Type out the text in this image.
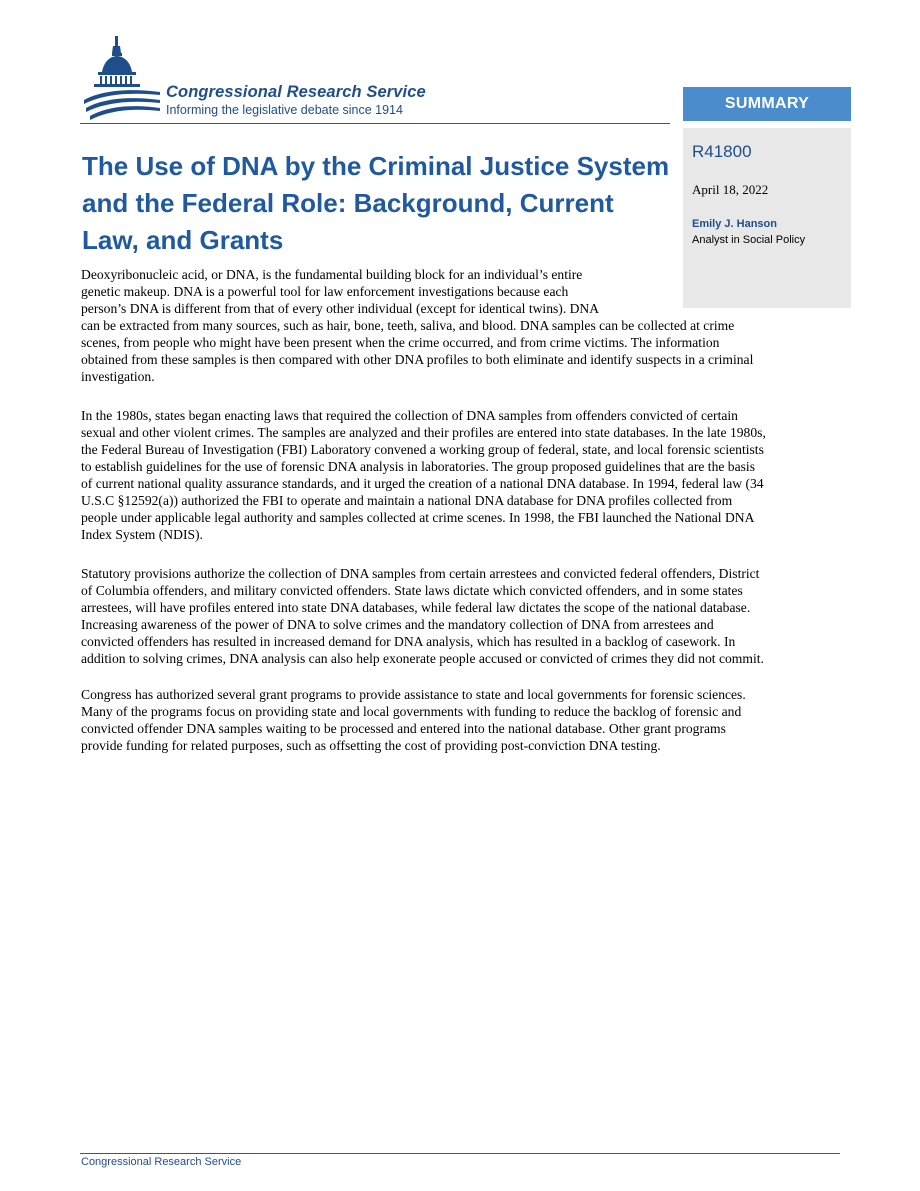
Congressional Research Service
Informing the legislative debate since 1914	SUMMARY
R41800
April 18, 2022
Emily J. Hanson
Analyst in Social Policy
The Use of DNA by the Criminal Justice System
and the Federal Role: Background, Current
Law, and Grants
Deoxyribonucleic acid, or DNA, is the fundamental building block for an individual’s entire
genetic makeup. DNA is a powerful tool for law enforcement investigations because each
person’s DNA is different from that of every other individual (except for identical twins). DNA
can be extracted from many sources, such as hair, bone, teeth, saliva, and blood. DNA samples can be collected at crime
scenes, from people who might have been present when the crime occurred, and from crime victims. The information
obtained from these samples is then compared with other DNA profiles to both eliminate and identify suspects in a criminal
investigation.
In the 1980s, states began enacting laws that required the collection of DNA samples from offenders convicted of certain
sexual and other violent crimes. The samples are analyzed and their profiles are entered into state databases. In the late 1980s,
the Federal Bureau of Investigation (FBI) Laboratory convened a working group of federal, state, and local forensic scientists
to establish guidelines for the use of forensic DNA analysis in laboratories. The group proposed guidelines that are the basis
of current national quality assurance standards, and it urged the creation of a national DNA database. In 1994, federal law (34
U.S.C §12592(a)) authorized the FBI to operate and maintain a national DNA database for DNA profiles collected from
people under applicable legal authority and samples collected at crime scenes. In 1998, the FBI launched the National DNA
Index System (NDIS).
Statutory provisions authorize the collection of DNA samples from certain arrestees and convicted federal offenders, District
of Columbia offenders, and military convicted offenders. State laws dictate which convicted offenders, and in some states
arrestees, will have profiles entered into state DNA databases, while federal law dictates the scope of the national database.
Increasing awareness of the power of DNA to solve crimes and the mandatory collection of DNA from arrestees and
convicted offenders has resulted in increased demand for DNA analysis, which has resulted in a backlog of casework. In
addition to solving crimes, DNA analysis can also help exonerate people accused or convicted of crimes they did not commit.
Congress has authorized several grant programs to provide assistance to state and local governments for forensic sciences.
Many of the programs focus on providing state and local governments with funding to reduce the backlog of forensic and
convicted offender DNA samples waiting to be processed and entered into the national database. Other grant programs
provide funding for related purposes, such as offsetting the cost of providing post-conviction DNA testing.
Congressional Research Service
